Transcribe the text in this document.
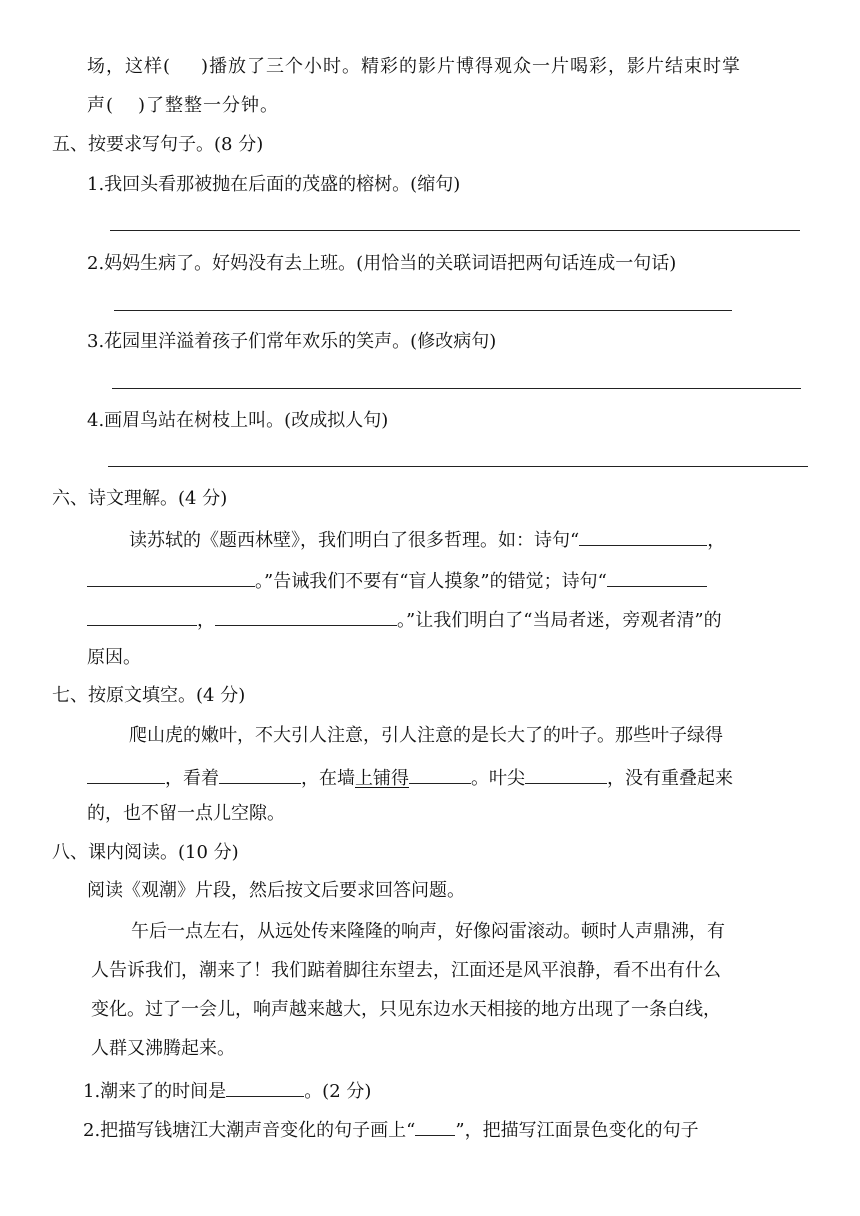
场，这样( )播放了三个小时。精彩的影片博得观众一片喝彩，影片结束时掌
声( )了整整一分钟。
五、按要求写句子。(8 分)
1.我回头看那被抛在后面的茂盛的榕树。(缩句)
2.妈妈生病了。好妈没有去上班。(用恰当的关联词语把两句话连成一句话)
3.花园里洋溢着孩子们常年欢乐的笑声。(修改病句)
4.画眉鸟站在树枝上叫。(改成拟人句)
六、诗文理解。(4 分)
读苏轼的《题西林壁》，我们明白了很多哲理。如：诗句“	，
。”告诫我们不要有“盲人摸象”的错觉；诗句“
，	。”让我们明白了“当局者迷，旁观者清”的
原因。
七、按原文填空。(4 分)
爬山虎的嫩叶，不大引人注意，引人注意的是长大了的叶子。那些叶子绿得
，看着	，在墙上铺得	。叶尖	，没有重叠起来
的，也不留一点儿空隙。
八、课内阅读。(10 分)
阅读《观潮》片段，然后按文后要求回答问题。
午后一点左右，从远处传来隆隆的响声，好像闷雷滚动。顿时人声鼎沸，有
人告诉我们，潮来了！我们踮着脚往东望去，江面还是风平浪静，看不出有什么
变化。过了一会儿，响声越来越大，只见东边水天相接的地方出现了一条白线，
人群又沸腾起来。
1.潮来了的时间是	。(2 分)
2.把描写钱塘江大潮声音变化的句子画上“ ”，把描写江面景色变化的句子
